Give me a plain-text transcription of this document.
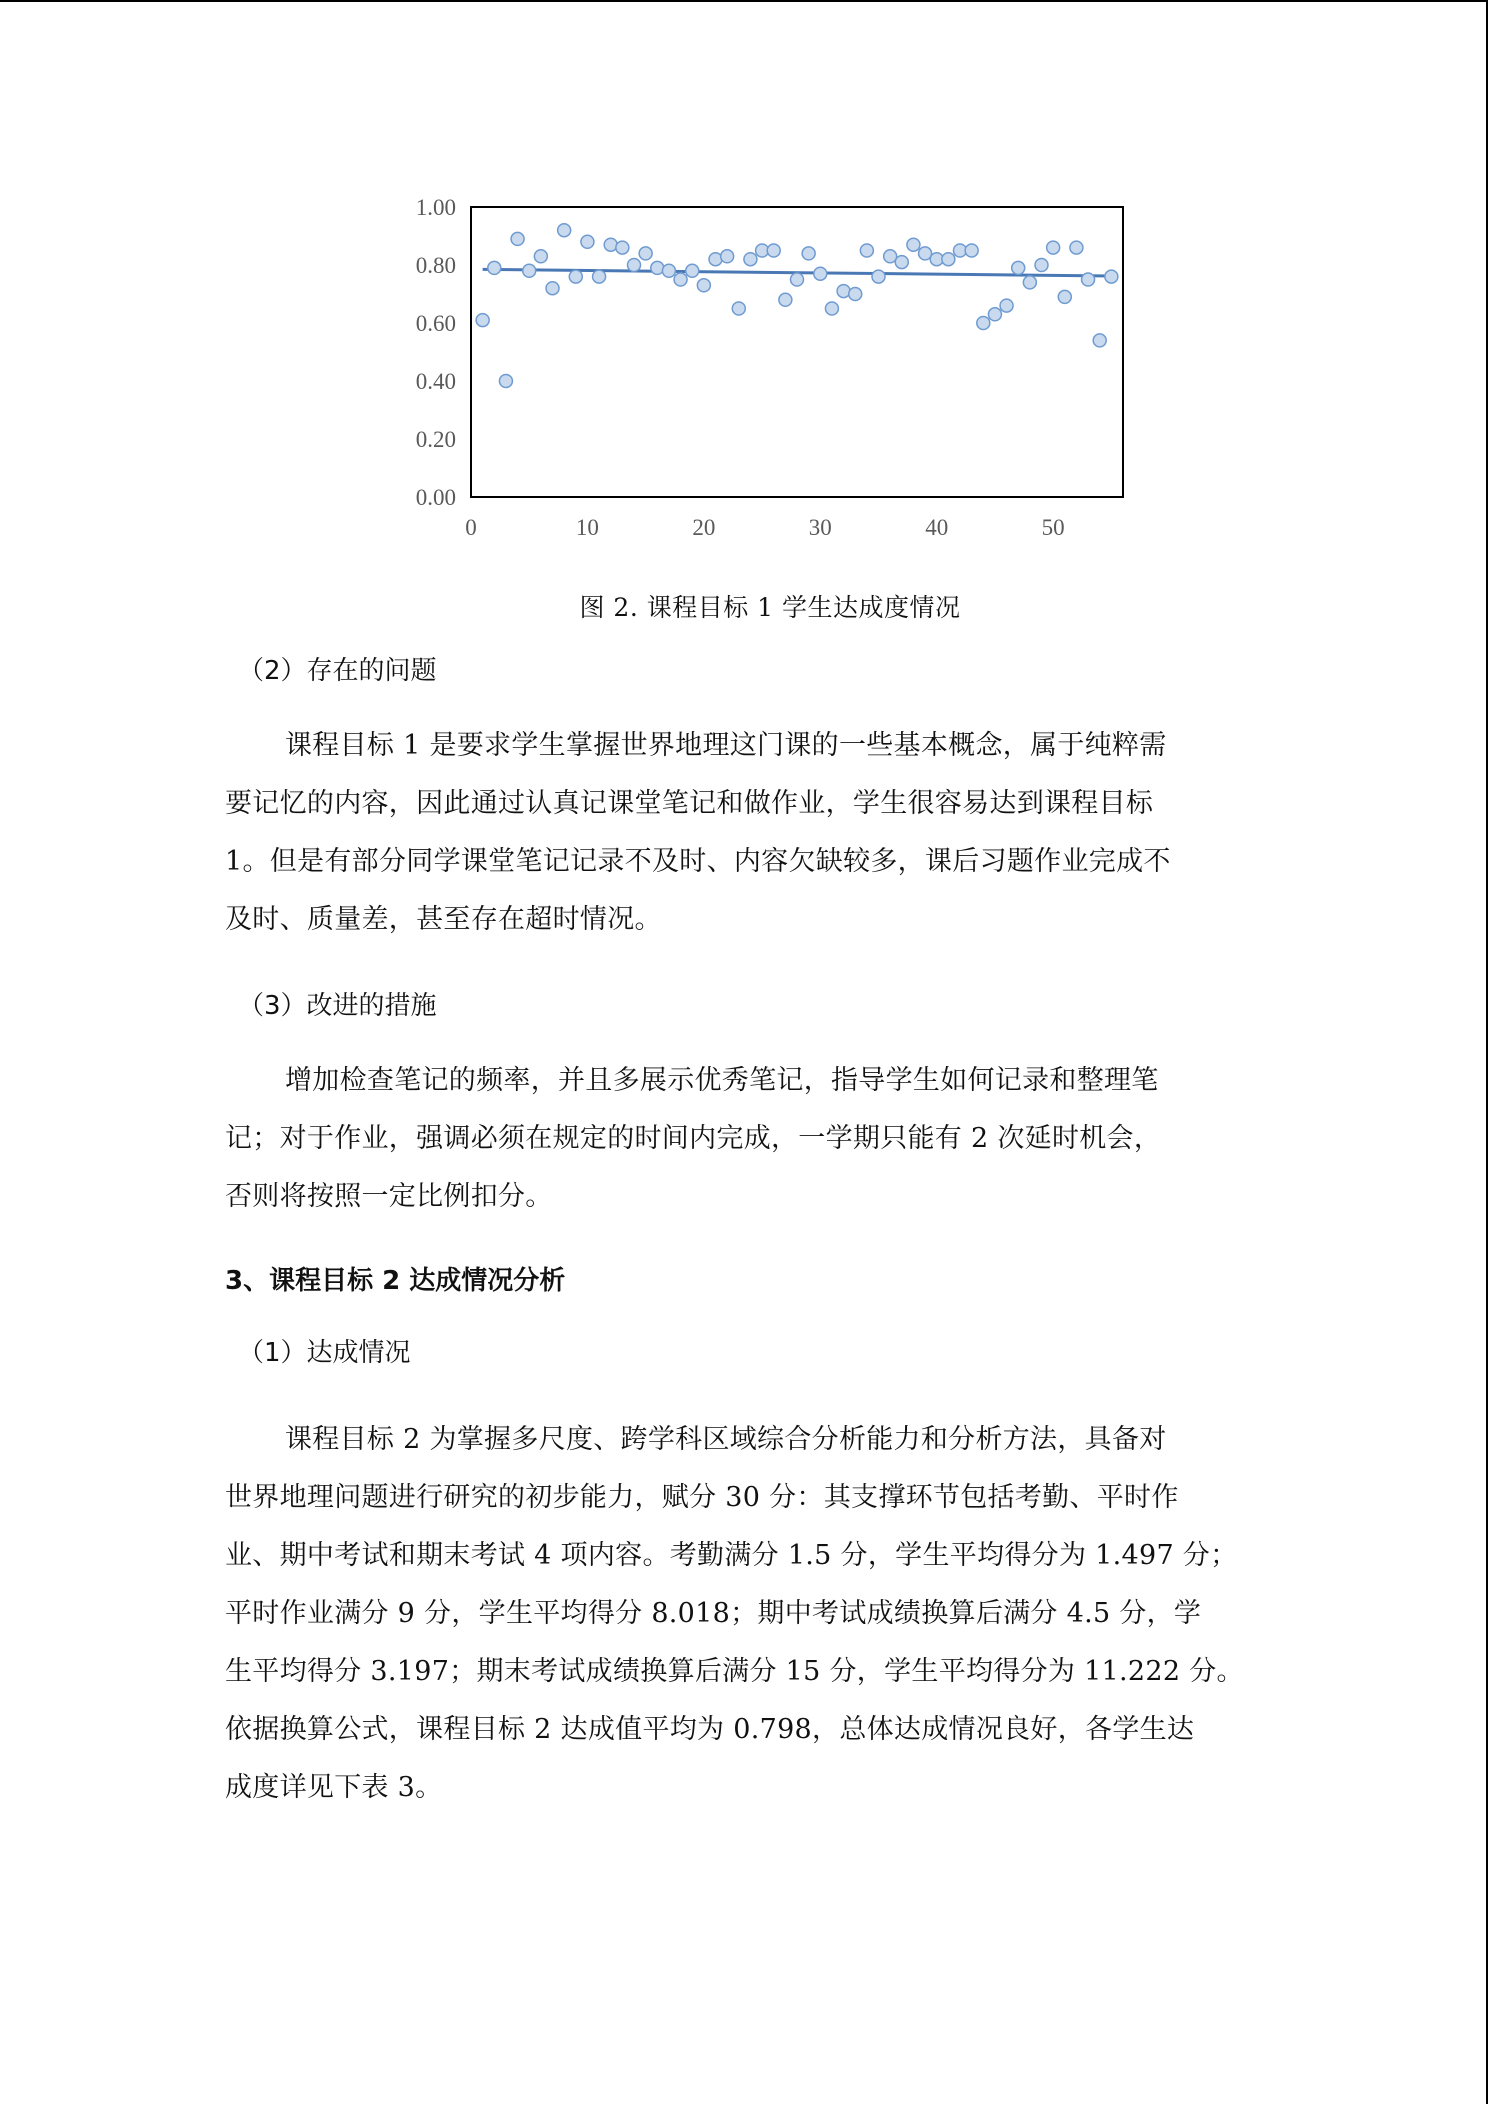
0.00
0.20
0.40
0.60
0.80
1.00
0	10	20	30	40	50
图 2. 课程目标 1 学生达成度情况
（2）存在的问题
课程目标 1 是要求学生掌握世界地理这门课的一些基本概念，属于纯粹需
要记忆的内容，因此通过认真记课堂笔记和做作业，学生很容易达到课程目标
1。但是有部分同学课堂笔记记录不及时、内容欠缺较多，课后习题作业完成不
及时、质量差，甚至存在超时情况。
（3）改进的措施
增加检查笔记的频率，并且多展示优秀笔记，指导学生如何记录和整理笔
记；对于作业，强调必须在规定的时间内完成，一学期只能有 2 次延时机会，
否则将按照一定比例扣分。
3、课程目标 2 达成情况分析
（1）达成情况
课程目标 2 为掌握多尺度、跨学科区域综合分析能力和分析方法，具备对
世界地理问题进行研究的初步能力，赋分 30 分：其支撑环节包括考勤、平时作
业、期中考试和期末考试 4 项内容。考勤满分 1.5 分，学生平均得分为 1.497 分；
平时作业满分 9 分，学生平均得分 8.018；期中考试成绩换算后满分 4.5 分，学
生平均得分 3.197；期末考试成绩换算后满分 15 分，学生平均得分为 11.222 分。
依据换算公式，课程目标 2 达成值平均为 0.798，总体达成情况良好，各学生达
成度详见下表 3。
